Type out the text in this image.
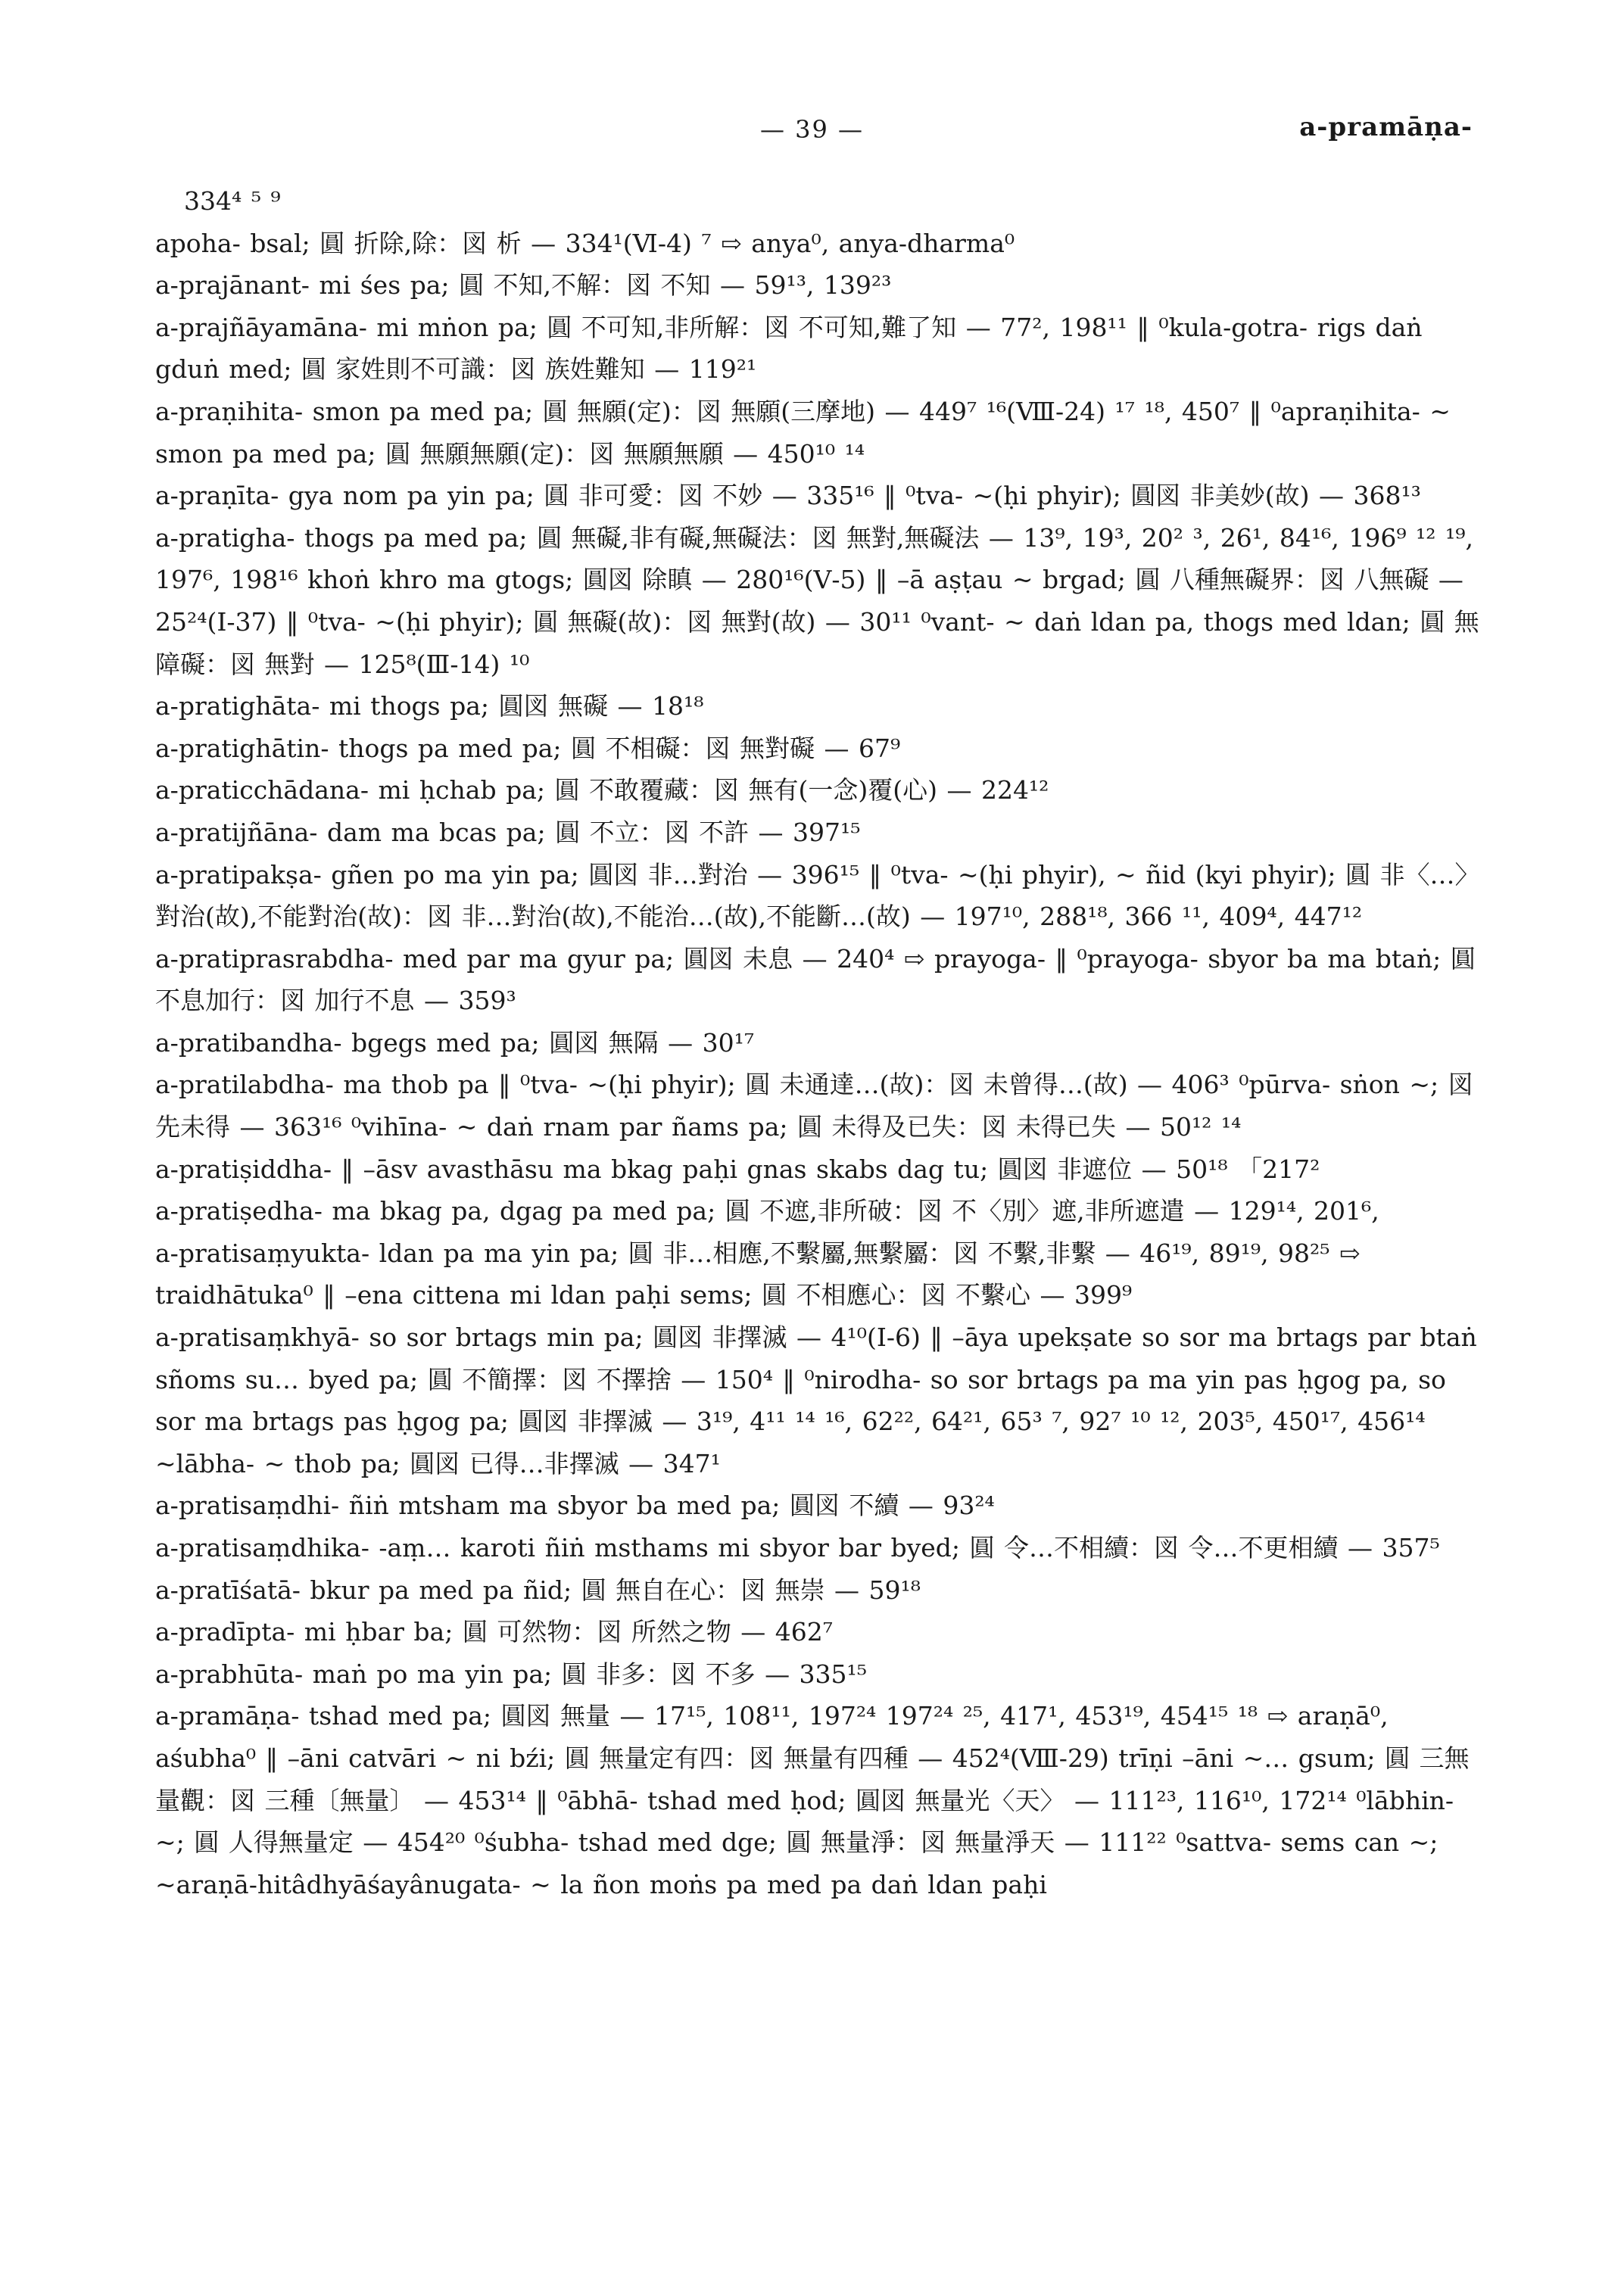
— 39 —	a-pramāṇa-

334⁴ ⁵ ⁹

apoha- bsal; 圓 折除,除：図 析 — 334¹(Ⅵ-4) ⁷ ⇨ anya⁰, anya-dharma⁰

a-prajānant- mi śes pa; 圓 不知,不解：図 不知 — 59¹³, 139²³

a-prajñāyamāna- mi mṅon pa; 圓 不可知,非所解：図 不可知,難了知 — 77², 198¹¹ ‖ ⁰kula-gotra- rigs daṅ gduṅ med; 圓 家姓則不可識：図 族姓難知 — 119²¹

a-praṇihita- smon pa med pa; 圓 無願(定)：図 無願(三摩地) — 449⁷ ¹⁶(Ⅷ-24) ¹⁷ ¹⁸, 450⁷ ‖ ⁰apraṇihita- ~ smon pa med pa; 圓 無願無願(定)：図 無願無願 — 450¹⁰ ¹⁴

a-praṇīta- gya nom pa yin pa; 圓 非可愛：図 不妙 — 335¹⁶ ‖ ⁰tva- ~(ḥi phyir); 圓図 非美妙(故) — 368¹³

a-pratigha- thogs pa med pa; 圓 無礙,非有礙,無礙法：図 無對,無礙法 — 13⁹, 19³, 20² ³, 26¹, 84¹⁶, 196⁹ ¹² ¹⁹, 197⁶, 198¹⁶ khoṅ khro ma gtogs; 圓図 除瞋 — 280¹⁶(Ⅴ-5) ‖ –ā aṣṭau ~ brgad; 圓 八種無礙界：図 八無礙 — 25²⁴(Ⅰ-37) ‖ ⁰tva- ~(ḥi phyir); 圓 無礙(故)：図 無對(故) — 30¹¹ ⁰vant- ~ daṅ ldan pa, thogs med ldan; 圓 無障礙：図 無對 — 125⁸(Ⅲ-14) ¹⁰

a-pratighāta- mi thogs pa; 圓図 無礙 — 18¹⁸

a-pratighātin- thogs pa med pa; 圓 不相礙：図 無對礙 — 67⁹

a-praticchādana- mi ḥchab pa; 圓 不敢覆藏：図 無有(一念)覆(心) — 224¹²

a-pratijñāna- dam ma bcas pa; 圓 不立：図 不許 — 397¹⁵

a-pratipakṣa- gñen po ma yin pa; 圓図 非…對治 — 396¹⁵ ‖ ⁰tva- ~(ḥi phyir), ~ ñid (kyi phyir); 圓 非〈…〉對治(故),不能對治(故)：図 非…對治(故),不能治…(故),不能斷…(故) — 197¹⁰, 288¹⁸, 366 ¹¹, 409⁴, 447¹²

a-pratiprasrabdha- med par ma gyur pa; 圓図 未息 — 240⁴ ⇨ prayoga- ‖ ⁰prayoga- sbyor ba ma btaṅ; 圓 不息加行：図 加行不息 — 359³

a-pratibandha- bgegs med pa; 圓図 無隔 — 30¹⁷

a-pratilabdha- ma thob pa ‖ ⁰tva- ~(ḥi phyir); 圓 未通達…(故)：図 未曾得…(故) — 406³ ⁰pūrva- sṅon ~; 図 先未得 — 363¹⁶ ⁰vihīna- ~ daṅ rnam par ñams pa; 圓 未得及已失：図 未得已失 — 50¹² ¹⁴

a-pratiṣiddha- ‖ –āsv avasthāsu ma bkag paḥi gnas skabs dag tu; 圓図 非遮位 — 50¹⁸ 「217²

a-pratiṣedha- ma bkag pa, dgag pa med pa; 圓 不遮,非所破：図 不〈別〉遮,非所遮遣 — 129¹⁴, 201⁶,

a-pratisaṃyukta- ldan pa ma yin pa; 圓 非…相應,不繫屬,無繫屬：図 不繫,非繫 — 46¹⁹, 89¹⁹, 98²⁵ ⇨ traidhātuka⁰ ‖ –ena cittena mi ldan paḥi sems; 圓 不相應心：図 不繫心 — 399⁹

a-pratisaṃkhyā- so sor brtags min pa; 圓図 非擇滅 — 4¹⁰(Ⅰ-6) ‖ –āya upekṣate so sor ma brtags par btaṅ sñoms su… byed pa; 圓 不簡擇：図 不擇捨 — 150⁴ ‖ ⁰nirodha- so sor brtags pa ma yin pas ḥgog pa, so sor ma brtags pas ḥgog pa; 圓図 非擇滅 — 3¹⁹, 4¹¹ ¹⁴ ¹⁶, 62²², 64²¹, 65³ ⁷, 92⁷ ¹⁰ ¹², 203⁵, 450¹⁷, 456¹⁴ ~lābha- ~ thob pa; 圓図 已得…非擇滅 — 347¹

a-pratisaṃdhi- ñiṅ mtsham ma sbyor ba med pa; 圓図 不續 — 93²⁴

a-pratisaṃdhika- -aṃ… karoti ñiṅ msthams mi sbyor bar byed; 圓 令…不相續：図 令…不更相續 — 357⁵

a-pratīśatā- bkur pa med pa ñid; 圓 無自在心：図 無崇 — 59¹⁸

a-pradīpta- mi ḥbar ba; 圓 可然物：図 所然之物 — 462⁷

a-prabhūta- maṅ po ma yin pa; 圓 非多：図 不多 — 335¹⁵

a-pramāṇa- tshad med pa; 圓図 無量 — 17¹⁵, 108¹¹, 197²⁴ 197²⁴ ²⁵, 417¹, 453¹⁹, 454¹⁵ ¹⁸ ⇨ araṇā⁰, aśubha⁰ ‖ –āni catvāri ~ ni bźi; 圓 無量定有四：図 無量有四種 — 452⁴(Ⅷ-29) trīṇi –āni ~… gsum; 圓 三無量觀：図 三種〔無量〕 — 453¹⁴ ‖ ⁰ābhā- tshad med ḥod; 圓図 無量光〈天〉 — 111²³, 116¹⁰, 172¹⁴ ⁰lābhin- ~; 圓 人得無量定 — 454²⁰ ⁰śubha- tshad med dge; 圓 無量淨：図 無量淨天 — 111²² ⁰sattva- sems can ~; ~araṇā-hitâdhyāśayânugata- ~ la ñon moṅs pa med pa daṅ ldan paḥi
